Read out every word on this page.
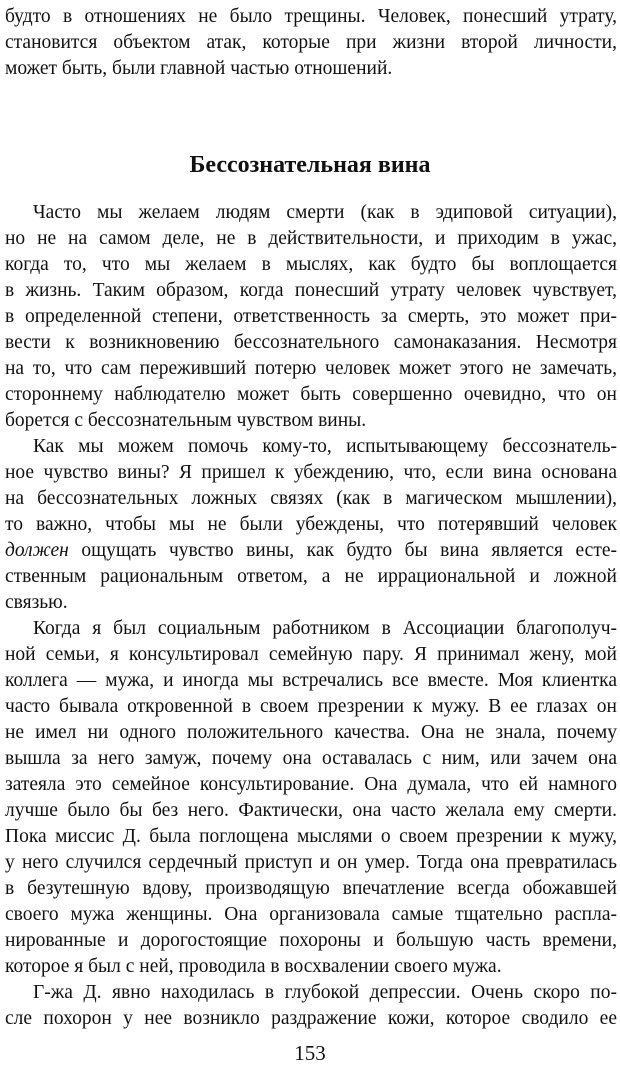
будто в отношениях не было трещины. Человек, понесший утрату,
становится объектом атак, которые при жизни второй личности,
может быть, были главной частью отношений.
Бессознательная вина
Часто мы желаем людям смерти (как в эдиповой ситуации),
но не на самом деле, не в действительности, и приходим в ужас,
когда то, что мы желаем в мыслях, как будто бы воплощается
в жизнь. Таким образом, когда понесший утрату человек чувствует,
в определенной степени, ответственность за смерть, это может при-
вести к возникновению бессознательного самонаказания. Несмотря
на то, что сам переживший потерю человек может этого не замечать,
стороннему наблюдателю может быть совершенно очевидно, что он
борется с бессознательным чувством вины.
Как мы можем помочь кому-то, испытывающему бессознатель-
ное чувство вины? Я пришел к убеждению, что, если вина основана
на бессознательных ложных связях (как в магическом мышлении),
то важно, чтобы мы не были убеждены, что потерявший человек
должен ощущать чувство вины, как будто бы вина является есте-
ственным рациональным ответом, а не иррациональной и ложной
связью.
Когда я был социальным работником в Ассоциации благополуч-
ной семьи, я консультировал семейную пару. Я принимал жену, мой
коллега — мужа, и иногда мы встречались все вместе. Моя клиентка
часто бывала откровенной в своем презрении к мужу. В ее глазах он
не имел ни одного положительного качества. Она не знала, почему
вышла за него замуж, почему она оставалась с ним, или зачем она
затеяла это семейное консультирование. Она думала, что ей намного
лучше было бы без него. Фактически, она часто желала ему смерти.
Пока миссис Д. была поглощена мыслями о своем презрении к мужу,
у него случился сердечный приступ и он умер. Тогда она превратилась
в безутешную вдову, производящую впечатление всегда обожавшей
своего мужа женщины. Она организовала самые тщательно распла-
нированные и дорогостоящие похороны и большую часть времени,
которое я был с ней, проводила в восхвалении своего мужа.
Г-жа Д. явно находилась в глубокой депрессии. Очень скоро по-
сле похорон у нее возникло раздражение кожи, которое сводило ее
153
